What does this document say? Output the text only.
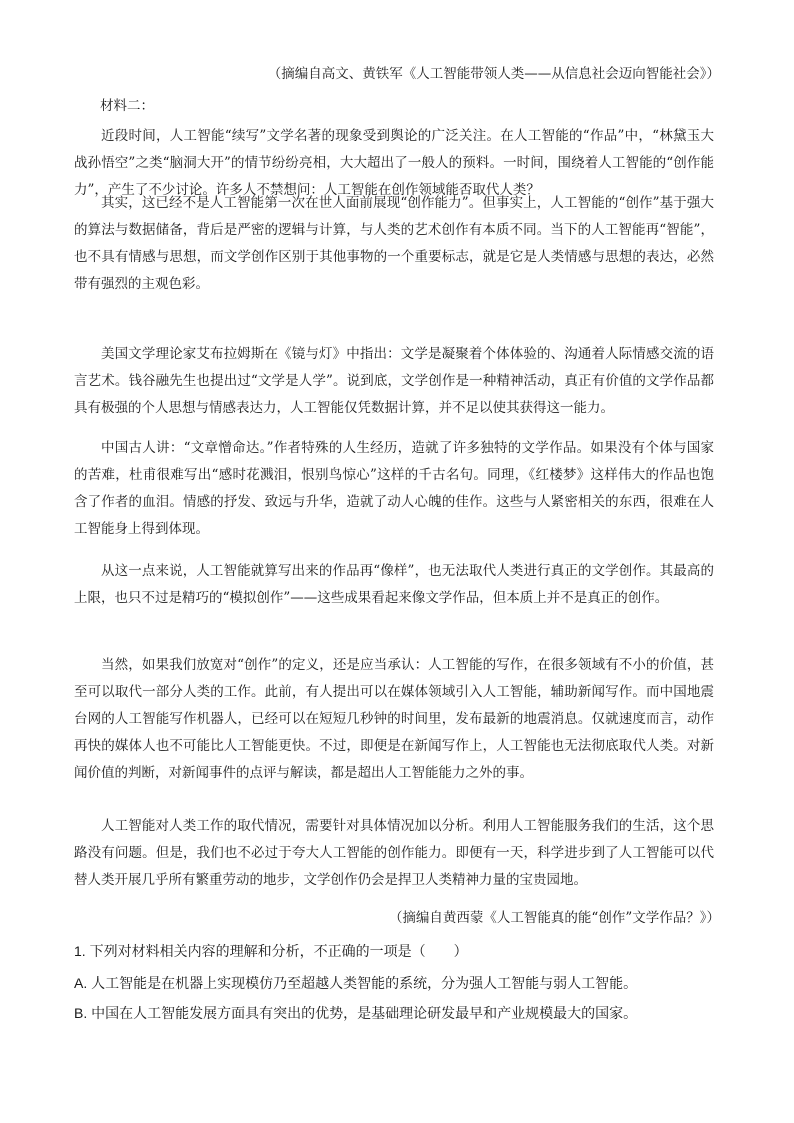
（摘编自高文、黄铁军《人工智能带领人类——从信息社会迈向智能社会》）
材料二：

近段时间，人工智能“续写”文学名著的现象受到舆论的广泛关注。在人工智能的“作品”中，“林黛玉大战孙悟空”之类“脑洞大开”的情节纷纷亮相，大大超出了一般人的预料。一时间，围绕着人工智能的“创作能力”，产生了不少讨论。许多人不禁想问：人工智能在创作领域能否取代人类？

其实，这已经不是人工智能第一次在世人面前展现“创作能力”。但事实上，人工智能的“创作”基于强大的算法与数据储备，背后是严密的逻辑与计算，与人类的艺术创作有本质不同。当下的人工智能再“智能”，也不具有情感与思想，而文学创作区别于其他事物的一个重要标志，就是它是人类情感与思想的表达，必然带有强烈的主观色彩。

美国文学理论家艾布拉姆斯在《镜与灯》中指出：文学是凝聚着个体体验的、沟通着人际情感交流的语言艺术。钱谷融先生也提出过“文学是人学”。说到底，文学创作是一种精神活动，真正有价值的文学作品都具有极强的个人思想与情感表达力，人工智能仅凭数据计算，并不足以使其获得这一能力。

中国古人讲：“文章憎命达。”作者特殊的人生经历，造就了许多独特的文学作品。如果没有个体与国家的苦难，杜甫很难写出“感时花溅泪，恨别鸟惊心”这样的千古名句。同理，《红楼梦》这样伟大的作品也饱含了作者的血泪。情感的抒发、致远与升华，造就了动人心魄的佳作。这些与人紧密相关的东西，很难在人工智能身上得到体现。

从这一点来说，人工智能就算写出来的作品再“像样”，也无法取代人类进行真正的文学创作。其最高的上限，也只不过是精巧的“模拟创作”——这些成果看起来像文学作品，但本质上并不是真正的创作。

当然，如果我们放宽对“创作”的定义，还是应当承认：人工智能的写作，在很多领域有不小的价值，甚至可以取代一部分人类的工作。此前，有人提出可以在媒体领域引入人工智能，辅助新闻写作。而中国地震台网的人工智能写作机器人，已经可以在短短几秒钟的时间里，发布最新的地震消息。仅就速度而言，动作再快的媒体人也不可能比人工智能更快。不过，即便是在新闻写作上，人工智能也无法彻底取代人类。对新闻价值的判断，对新闻事件的点评与解读，都是超出人工智能能力之外的事。

人工智能对人类工作的取代情况，需要针对具体情况加以分析。利用人工智能服务我们的生活，这个思路没有问题。但是，我们也不必过于夸大人工智能的创作能力。即便有一天，科学进步到了人工智能可以代替人类开展几乎所有繁重劳动的地步，文学创作仍会是捍卫人类精神力量的宝贵园地。

（摘编自黄西蒙《人工智能真的能“创作”文学作品？》）
1. 下列对材料相关内容的理解和分析，不正确的一项是（　　）
A. 人工智能是在机器上实现模仿乃至超越人类智能的系统，分为强人工智能与弱人工智能。
B. 中国在人工智能发展方面具有突出的优势，是基础理论研发最早和产业规模最大的国家。
